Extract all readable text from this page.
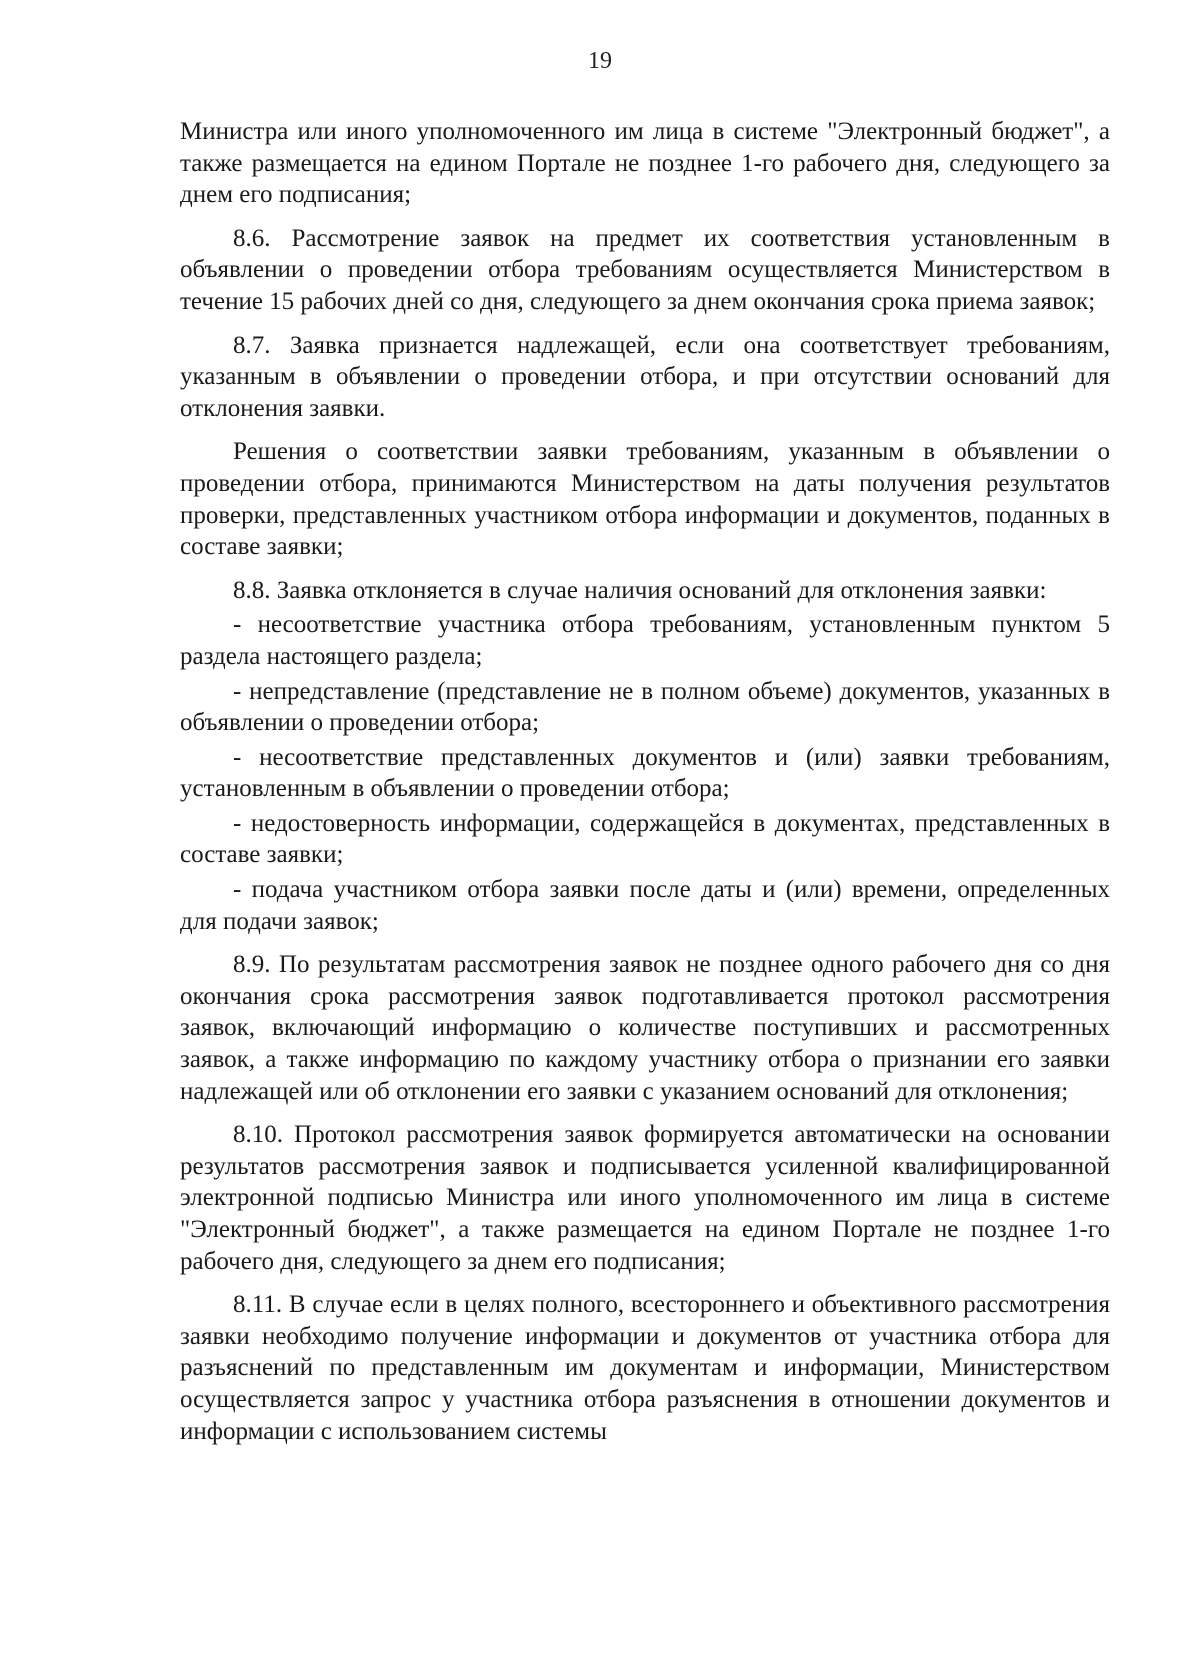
19

Министра или иного уполномоченного им лица в системе "Электронный бюджет", а также размещается на едином Портале не позднее 1-го рабочего дня, следующего за днем его подписания;

8.6. Рассмотрение заявок на предмет их соответствия установленным в объявлении о проведении отбора требованиям осуществляется Министерством в течение 15 рабочих дней со дня, следующего за днем окончания срока приема заявок;

8.7. Заявка признается надлежащей, если она соответствует требованиям, указанным в объявлении о проведении отбора, и при отсутствии оснований для отклонения заявки.

Решения о соответствии заявки требованиям, указанным в объявлении о проведении отбора, принимаются Министерством на даты получения результатов проверки, представленных участником отбора информации и документов, поданных в составе заявки;

8.8. Заявка отклоняется в случае наличия оснований для отклонения заявки:

- несоответствие участника отбора требованиям, установленным пунктом 5 раздела настоящего раздела;

- непредставление (представление не в полном объеме) документов, указанных в объявлении о проведении отбора;

- несоответствие представленных документов и (или) заявки требованиям, установленным в объявлении о проведении отбора;

- недостоверность информации, содержащейся в документах, представленных в составе заявки;

- подача участником отбора заявки после даты и (или) времени, определенных для подачи заявок;

8.9. По результатам рассмотрения заявок не позднее одного рабочего дня со дня окончания срока рассмотрения заявок подготавливается протокол рассмотрения заявок, включающий информацию о количестве поступивших и рассмотренных заявок, а также информацию по каждому участнику отбора о признании его заявки надлежащей или об отклонении его заявки с указанием оснований для отклонения;

8.10. Протокол рассмотрения заявок формируется автоматически на основании результатов рассмотрения заявок и подписывается усиленной квалифицированной электронной подписью Министра или иного уполномоченного им лица в системе "Электронный бюджет", а также размещается на едином Портале не позднее 1-го рабочего дня, следующего за днем его подписания;

8.11. В случае если в целях полного, всестороннего и объективного рассмотрения заявки необходимо получение информации и документов от участника отбора для разъяснений по представленным им документам и информации, Министерством осуществляется запрос у участника отбора разъяснения в отношении документов и информации с использованием системы
